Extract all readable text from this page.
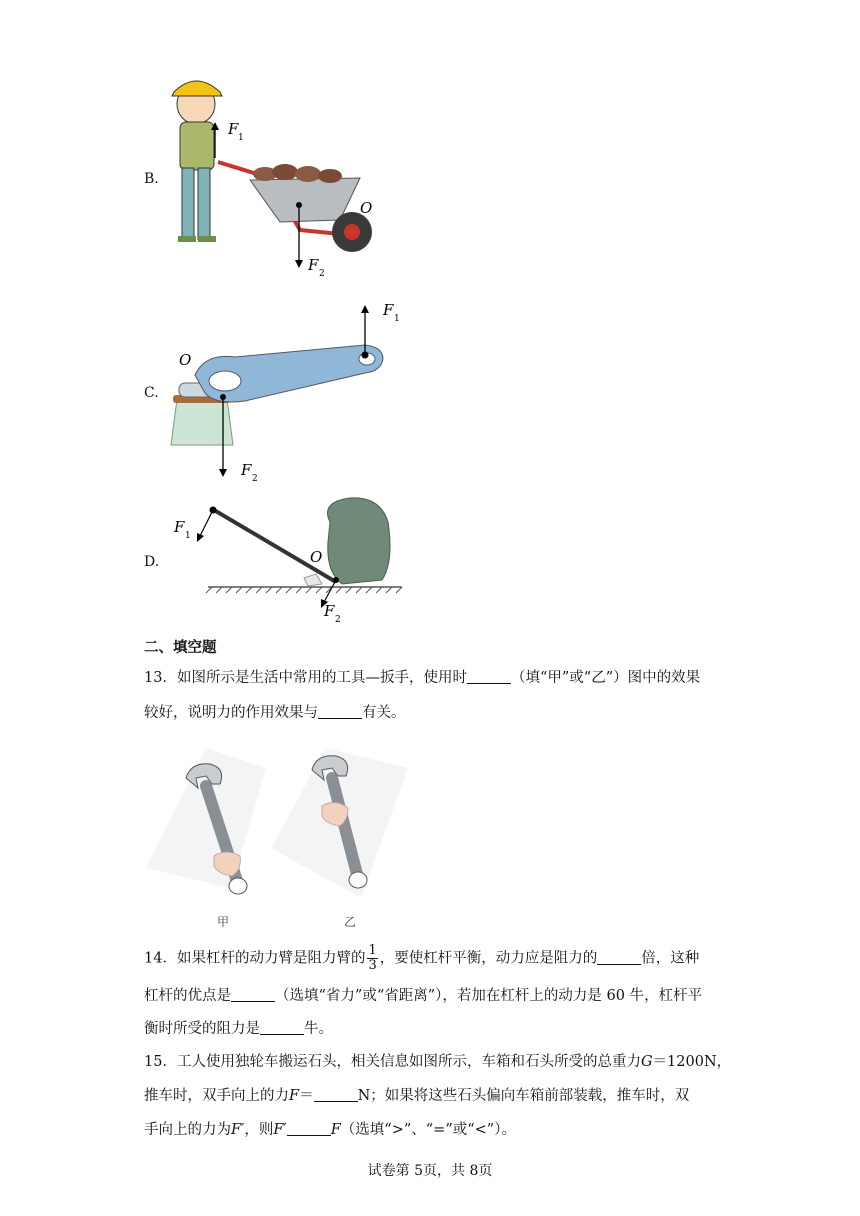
B.
F 1
F 2
O
C.
F 1
F 2
O
D.
F 1
F 2
O
二、填空题
13．如图所示是生活中常用的工具—扳手，使用时	（填“甲”或“乙”）图中的效果
较好，说明力的作用效果与	有关。
甲	乙
14．如果杠杆的动力臂是阻力臂的 $\frac{1}{3}$ ，要使杠杆平衡，动力应是阻力的	倍，这种
杠杆的优点是	（选填“省力”或“省距离”），若加在杠杆上的动力是 60 牛，杠杆平
衡时所受的阻力是	牛。
15．工人使用独轮车搬运石头，相关信息如图所示，车箱和石头所受的总重力G＝1200N，
推车时，双手向上的力F＝	N；如果将这些石头偏向车箱前部装载，推车时，双
手向上的力为F′，则F′	F（选填“>”、“=”或“<”）。
试卷第 5页，共 8页
